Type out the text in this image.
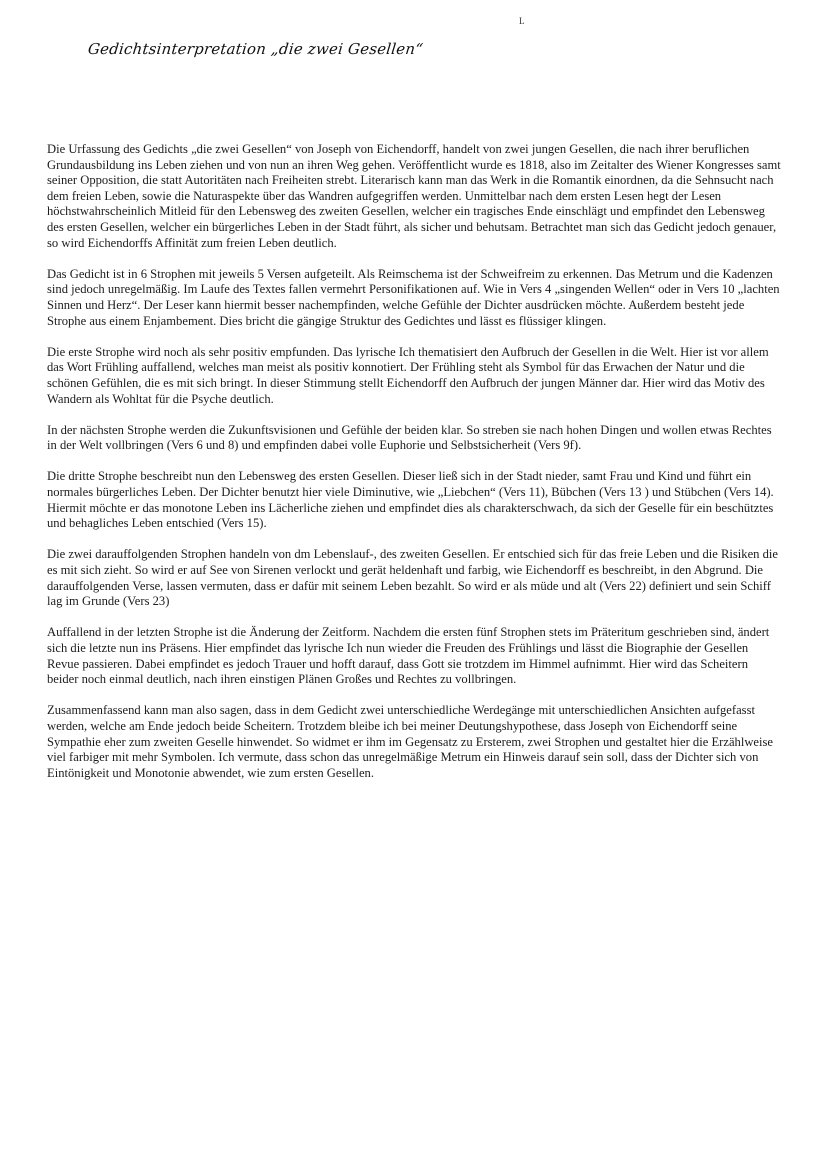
L
Gedichtsinterpretation „die zwei Gesellen“

Die Urfassung des Gedichts „die zwei Gesellen“ von Joseph von Eichendorff, handelt von zwei jungen Gesellen, die nach ihrer beruflichen Grundausbildung ins Leben ziehen und von nun an ihren Weg gehen. Veröffentlicht wurde es 1818, also im Zeitalter des Wiener Kongresses samt seiner Opposition, die statt Autoritäten nach Freiheiten strebt. Literarisch kann man das Werk in die Romantik einordnen, da die Sehnsucht nach dem freien Leben, sowie die Naturaspekte über das Wandren aufgegriffen werden. Unmittelbar nach dem ersten Lesen hegt der Lesen höchstwahrscheinlich Mitleid für den Lebensweg des zweiten Gesellen, welcher ein tragisches Ende einschlägt und empfindet den Lebensweg des ersten Gesellen, welcher ein bürgerliches Leben in der Stadt führt, als sicher und behutsam. Betrachtet man sich das Gedicht jedoch genauer, so wird Eichendorffs Affinität zum freien Leben deutlich.

Das Gedicht ist in 6 Strophen mit jeweils 5 Versen aufgeteilt. Als Reimschema ist der Schweifreim zu erkennen. Das Metrum und die Kadenzen sind jedoch unregelmäßig. Im Laufe des Textes fallen vermehrt Personifikationen auf. Wie in Vers 4 „singenden Wellen“ oder in Vers 10 „lachten Sinnen und Herz“. Der Leser kann hiermit besser nachempfinden, welche Gefühle der Dichter ausdrücken möchte. Außerdem besteht jede Strophe aus einem Enjambement. Dies bricht die gängige Struktur des Gedichtes und lässt es flüssiger klingen.

Die erste Strophe wird noch als sehr positiv empfunden. Das lyrische Ich thematisiert den Aufbruch der Gesellen in die Welt. Hier ist vor allem das Wort Frühling auffallend, welches man meist als positiv konnotiert. Der Frühling steht als Symbol für das Erwachen der Natur und die schönen Gefühlen, die es mit sich bringt. In dieser Stimmung stellt Eichendorff den Aufbruch der jungen Männer dar. Hier wird das Motiv des Wandern als Wohltat für die Psyche deutlich.

In der nächsten Strophe werden die Zukunftsvisionen und Gefühle der beiden klar. So streben sie nach hohen Dingen und wollen etwas Rechtes in der Welt vollbringen (Vers 6 und 8) und empfinden dabei volle Euphorie und Selbstsicherheit (Vers 9f).

Die dritte Strophe beschreibt nun den Lebensweg des ersten Gesellen. Dieser ließ sich in der Stadt nieder, samt Frau und Kind und führt ein normales bürgerliches Leben. Der Dichter benutzt hier viele Diminutive, wie „Liebchen“ (Vers 11), Bübchen (Vers 13 ) und Stübchen (Vers 14). Hiermit möchte er das monotone Leben ins Lächerliche ziehen und empfindet dies als charakterschwach, da sich der Geselle für ein beschütztes und behagliches Leben entschied (Vers 15).

Die zwei darauffolgenden Strophen handeln von dm Lebenslauf-, des zweiten Gesellen. Er entschied sich für das freie Leben und die Risiken die es mit sich zieht. So wird er auf See von Sirenen verlockt und gerät heldenhaft und farbig, wie Eichendorff es beschreibt, in den Abgrund. Die darauffolgenden Verse, lassen vermuten, dass er dafür mit seinem Leben bezahlt. So wird er als müde und alt (Vers 22) definiert und sein Schiff lag im Grunde (Vers 23)

Auffallend in der letzten Strophe ist die Änderung der Zeitform. Nachdem die ersten fünf Strophen stets im Präteritum geschrieben sind, ändert sich die letzte nun ins Präsens. Hier empfindet das lyrische Ich nun wieder die Freuden des Frühlings und lässt die Biographie der Gesellen Revue passieren. Dabei empfindet es jedoch Trauer und hofft darauf, dass Gott sie trotzdem im Himmel aufnimmt. Hier wird das Scheitern beider noch einmal deutlich, nach ihren einstigen Plänen Großes und Rechtes zu vollbringen.

Zusammenfassend kann man also sagen, dass in dem Gedicht zwei unterschiedliche Werdegänge mit unterschiedlichen Ansichten aufgefasst werden, welche am Ende jedoch beide Scheitern. Trotzdem bleibe ich bei meiner Deutungshypothese, dass Joseph von Eichendorff seine Sympathie eher zum zweiten Geselle hinwendet. So widmet er ihm im Gegensatz zu Ersterem, zwei Strophen und gestaltet hier die Erzählweise viel farbiger mit mehr Symbolen. Ich vermute, dass schon das unregelmäßige Metrum ein Hinweis darauf sein soll, dass der Dichter sich von Eintönigkeit und Monotonie abwendet, wie zum ersten Gesellen.
